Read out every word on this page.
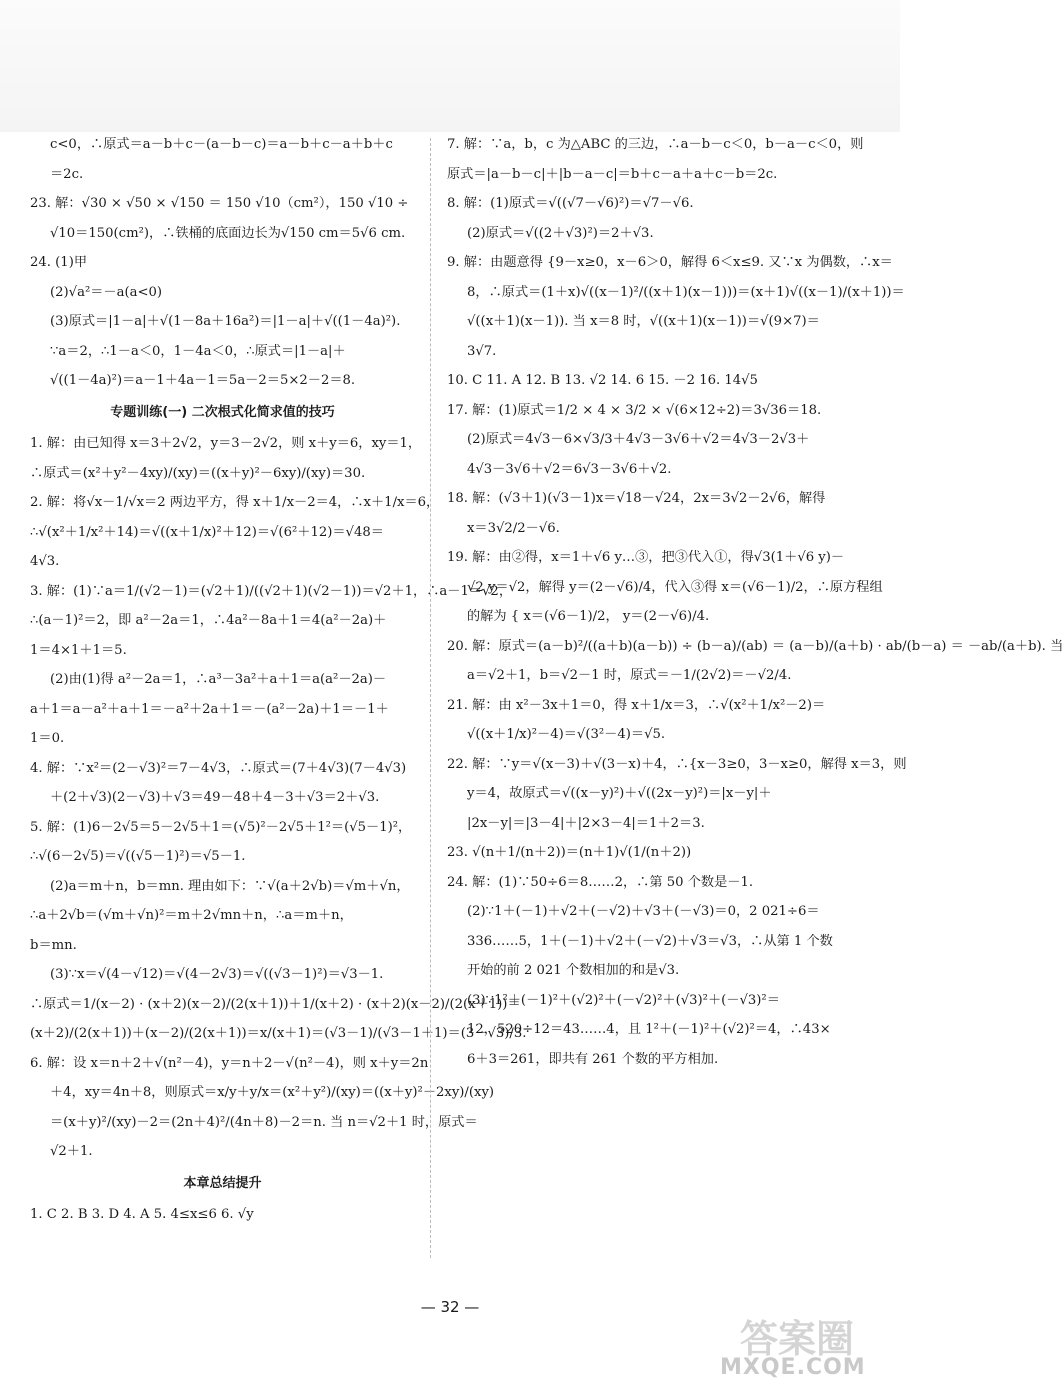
c<0，∴原式＝a－b＋c－(a－b－c)＝a－b＋c－a＋b＋c
＝2c.
23. 解：√30 × √50 × √150 ＝ 150 √10（cm²），150 √10 ÷
√10＝150(cm²)，∴铁桶的底面边长为√150 cm＝5√6 cm.
24. (1)甲
(2)√a²＝－a(a<0)
(3)原式＝|1－a|＋√(1－8a＋16a²)＝|1－a|＋√((1－4a)²).
∵a＝2，∴1－a＜0，1－4a＜0，∴原式＝|1－a|＋
√((1－4a)²)＝a－1＋4a－1＝5a－2＝5×2－2＝8.
专题训练(一) 二次根式化简求值的技巧
1. 解：由已知得 x＝3＋2√2，y＝3－2√2，则 x＋y＝6，xy＝1，
∴原式＝(x²＋y²－4xy)/(xy)＝((x＋y)²－6xy)/(xy)＝30.
2. 解：将√x－1/√x＝2 两边平方，得 x＋1/x－2＝4，∴x＋1/x＝6，
∴√(x²＋1/x²＋14)＝√((x＋1/x)²＋12)＝√(6²＋12)＝√48＝
4√3.
3. 解：(1)∵a＝1/(√2－1)＝(√2＋1)/((√2＋1)(√2－1))＝√2＋1，∴a－1＝√2，
∴(a－1)²＝2，即 a²－2a＝1，∴4a²－8a＋1＝4(a²－2a)＋
1＝4×1＋1＝5.
(2)由(1)得 a²－2a＝1，∴a³－3a²＋a＋1＝a(a²－2a)－
a＋1＝a－a²＋a＋1＝－a²＋2a＋1＝－(a²－2a)＋1＝－1＋
1＝0.
4. 解：∵x²＝(2－√3)²＝7－4√3，∴原式＝(7＋4√3)(7－4√3)
＋(2＋√3)(2－√3)＋√3＝49－48＋4－3＋√3＝2＋√3.
5. 解：(1)6－2√5＝5－2√5＋1＝(√5)²－2√5＋1²＝(√5－1)²，
∴√(6－2√5)＝√((√5－1)²)＝√5－1.
(2)a＝m＋n，b＝mn. 理由如下：∵√(a＋2√b)＝√m＋√n，
∴a＋2√b＝(√m＋√n)²＝m＋2√mn＋n，∴a＝m＋n，
b＝mn.
(3)∵x＝√(4－√12)＝√(4－2√3)＝√((√3－1)²)＝√3－1.
∴原式＝1/(x－2) · (x＋2)(x－2)/(2(x＋1))＋1/(x＋2) · (x＋2)(x－2)/(2(x＋1))＝
(x＋2)/(2(x＋1))＋(x－2)/(2(x＋1))＝x/(x＋1)＝(√3－1)/(√3－1＋1)＝(3－√3)/3.
6. 解：设 x＝n＋2＋√(n²－4)，y＝n＋2－√(n²－4)，则 x＋y＝2n
＋4，xy＝4n＋8，则原式＝x/y＋y/x＝(x²＋y²)/(xy)＝((x＋y)²－2xy)/(xy)
＝(x＋y)²/(xy)－2＝(2n＋4)²/(4n＋8)－2＝n. 当 n＝√2＋1 时，原式＝
√2＋1.
本章总结提升
1. C 2. B 3. D 4. A 5. 4≤x≤6 6. √y
7. 解：∵a，b，c 为△ABC 的三边，∴a－b－c＜0，b－a－c＜0，则
原式＝|a－b－c|＋|b－a－c|＝b＋c－a＋a＋c－b＝2c.
8. 解：(1)原式＝√((√7－√6)²)＝√7－√6.
(2)原式＝√((2＋√3)²)＝2＋√3.
9. 解：由题意得 {9－x≥0，x－6＞0，解得 6＜x≤9. 又∵x 为偶数，∴x＝
8，∴原式＝(1＋x)√((x－1)²/((x＋1)(x－1)))＝(x＋1)√((x－1)/(x＋1))＝
√((x＋1)(x－1)). 当 x＝8 时，√((x＋1)(x－1))＝√(9×7)＝
3√7.
10. C 11. A 12. B 13. √2 14. 6 15. －2 16. 14√5
17. 解：(1)原式＝1/2 × 4 × 3/2 × √(6×12÷2)＝3√36＝18.
(2)原式＝4√3－6×√3/3＋4√3－3√6＋√2＝4√3－2√3＋
4√3－3√6＋√2＝6√3－3√6＋√2.
18. 解：(√3＋1)(√3－1)x＝√18－√24，2x＝3√2－2√6，解得
x＝3√2/2－√6.
19. 解：由②得，x＝1＋√6 y…③，把③代入①，得√3(1＋√6 y)－
√2 y＝√2，解得 y＝(2－√6)/4，代入③得 x＝(√6－1)/2，∴原方程组
的解为 { x＝(√6－1)/2， y＝(2－√6)/4.
20. 解：原式＝(a－b)²/((a＋b)(a－b)) ÷ (b－a)/(ab) ＝ (a－b)/(a＋b) · ab/(b－a) ＝ －ab/(a＋b). 当
a＝√2＋1，b＝√2－1 时，原式＝－1/(2√2)＝－√2/4.
21. 解：由 x²－3x＋1＝0，得 x＋1/x＝3，∴√(x²＋1/x²－2)＝
√((x＋1/x)²－4)＝√(3²－4)＝√5.
22. 解：∵y＝√(x－3)＋√(3－x)＋4，∴{x－3≥0，3－x≥0，解得 x＝3，则
y＝4，故原式＝√((x－y)²)＋√((2x－y)²)＝|x－y|＋
|2x－y|＝|3－4|＋|2×3－4|＝1＋2＝3.
23. √(n＋1/(n＋2))＝(n＋1)√(1/(n＋2))
24. 解：(1)∵50÷6＝8……2，∴第 50 个数是－1.
(2)∵1＋(－1)＋√2＋(－√2)＋√3＋(－√3)＝0，2 021÷6＝
336……5，1＋(－1)＋√2＋(－√2)＋√3＝√3，∴从第 1 个数
开始的前 2 021 个数相加的和是√3.
(3)∵1²＋(－1)²＋(√2)²＋(－√2)²＋(√3)²＋(－√3)²＝
12，520÷12＝43……4，且 1²＋(－1)²＋(√2)²＝4，∴43×
6＋3＝261，即共有 261 个数的平方相加.
— 32 —
答案圈
MXQE.COM
